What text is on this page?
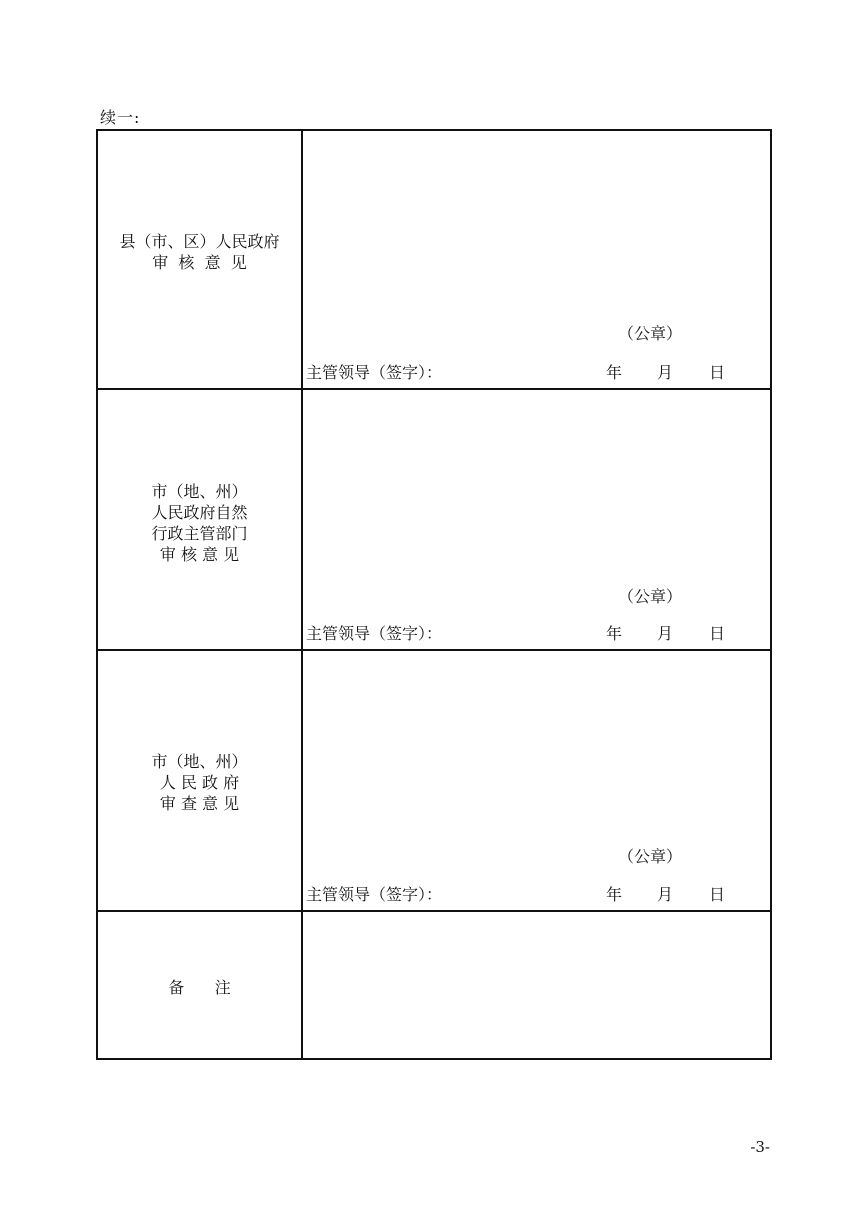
续一:
县（市、区）人民政府
审  核  意  见
（公章）
主管领导（签字）：	年 月 日
市（地、州）
人民政府自然
行政主管部门
审 核 意 见
（公章）
主管领导（签字）：	年 月 日
市（地、州）
人 民 政 府
审 查 意 见
（公章）
主管领导（签字）：	年 月 日
备      注
-3-
